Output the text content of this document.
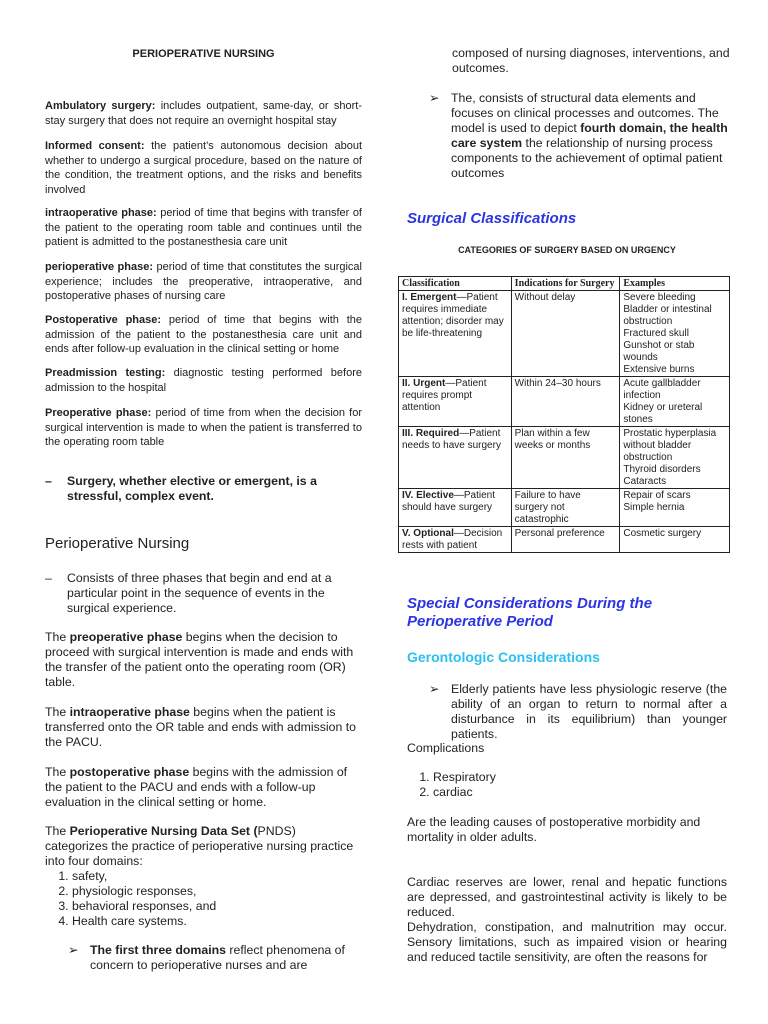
PERIOPERATIVE NURSING
Ambulatory surgery: includes outpatient, same-day, or short-stay surgery that does not require an overnight hospital stay
Informed consent: the patient’s autonomous decision about whether to undergo a surgical procedure, based on the nature of the condition, the treatment options, and the risks and benefits involved
intraoperative phase: period of time that begins with transfer of the patient to the operating room table and continues until the patient is admitted to the postanesthesia care unit
perioperative phase: period of time that constitutes the surgical experience; includes the preoperative, intraoperative, and postoperative phases of nursing care
Postoperative phase: period of time that begins with the admission of the patient to the postanesthesia care unit and ends after follow-up evaluation in the clinical setting or home
Preadmission testing: diagnostic testing performed before admission to the hospital
Preoperative phase: period of time from when the decision for surgical intervention is made to when the patient is transferred to the operating room table
–	Surgery, whether elective or emergent, is a stressful, complex event.
Perioperative Nursing
–	Consists of three phases that begin and end at a particular point in the sequence of events in the surgical experience.
The preoperative phase begins when the decision to proceed with surgical intervention is made and ends with the transfer of the patient onto the operating room (OR) table.
The intraoperative phase begins when the patient is transferred onto the OR table and ends with admission to the PACU.
The postoperative phase begins with the admission of the patient to the PACU and ends with a follow-up evaluation in the clinical setting or home.
The Perioperative Nursing Data Set (PNDS) categorizes the practice of perioperative nursing practice into four domains:
1. safety,
2. physiologic responses,
3. behavioral responses, and
4. Health care systems.
➢ The first three domains reflect phenomena of concern to perioperative nurses and are
composed of nursing diagnoses, interventions, and outcomes.
➢ The, consists of structural data elements and focuses on clinical processes and outcomes. The model is used to depict fourth domain, the health care system the relationship of nursing process components to the achievement of optimal patient outcomes
Surgical Classifications
CATEGORIES OF SURGERY BASED ON URGENCY
Classification	Indications for Surgery	Examples
I. Emergent—Patient requires immediate attention; disorder may be life-threatening	Without delay	Severe bleeding
Bladder or intestinal obstruction
Fractured skull
Gunshot or stab wounds
Extensive burns

II. Urgent—Patient requires prompt attention	Within 24–30 hours	Acute gallbladder infection
Kidney or ureteral stones

III. Required—Patient needs to have surgery	Plan within a few weeks or months	Prostatic hyperplasia without bladder obstruction
Thyroid disorders
Cataracts

IV. Elective—Patient should have surgery	Failure to have surgery not catastrophic	Repair of scars
Simple hernia

V. Optional—Decision rests with patient	Personal preference	Cosmetic surgery
Special Considerations During the Perioperative Period
Gerontologic Considerations
➢ Elderly patients have less physiologic reserve (the ability of an organ to return to normal after a disturbance in its equilibrium) than younger patients.
Complications
1. Respiratory
2. cardiac
Are the leading causes of postoperative morbidity and mortality in older adults.
Cardiac reserves are lower, renal and hepatic functions are depressed, and gastrointestinal activity is likely to be reduced.
Dehydration, constipation, and malnutrition may occur. Sensory limitations, such as impaired vision or hearing and reduced tactile sensitivity, are often the reasons for
